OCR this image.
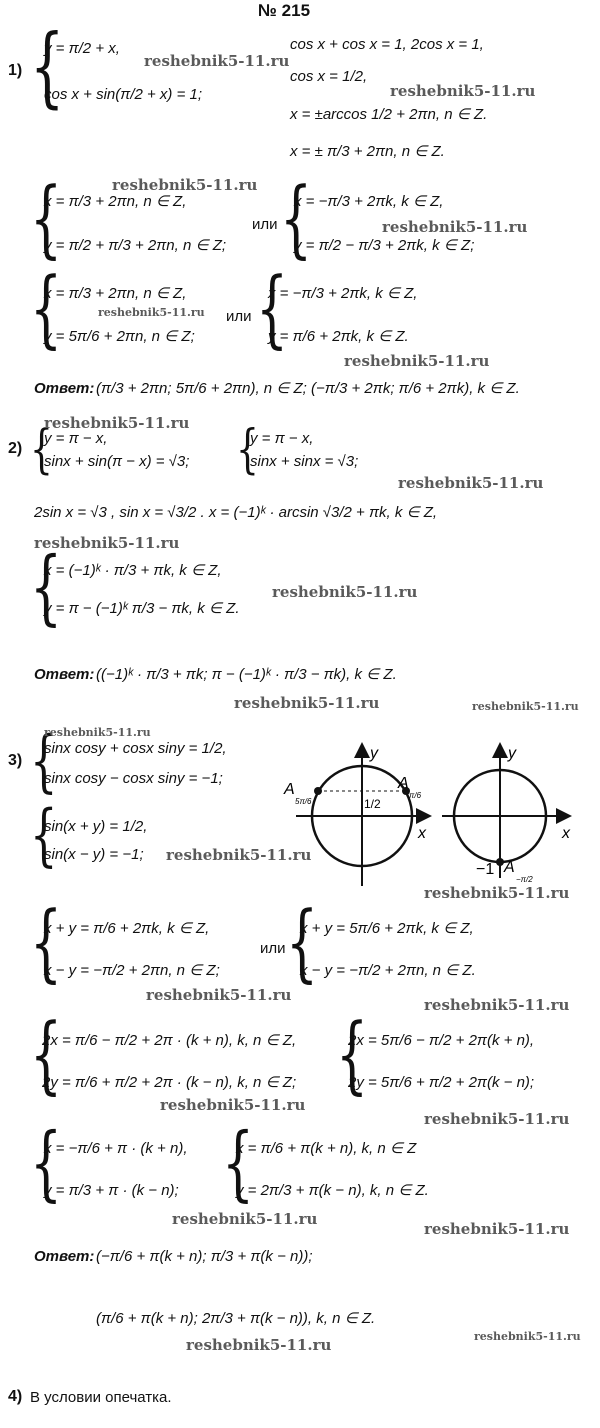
№ 215
1) {
y = π/2 + x,
cos x + sin(π/2 + x) = 1;
cos x + cos x = 1, 2cos x = 1,
cos x = 1/2,
x = ±arccos 1/2 + 2πn, n ∈ Z.
x = ± π/3 + 2πn, n ∈ Z.
{
x = π/3 + 2πn, n ∈ Z,
y = π/2 + π/3 + 2πn, n ∈ Z;
или {
x = −π/3 + 2πk, k ∈ Z,
y = π/2 − π/3 + 2πk, k ∈ Z;
{
x = π/3 + 2πn, n ∈ Z,
y = 5π/6 + 2πn, n ∈ Z;
или {
x = −π/3 + 2πk, k ∈ Z,
y = π/6 + 2πk, k ∈ Z.
Ответ: (π/3 + 2πn; 5π/6 + 2πn), n ∈ Z; (−π/3 + 2πk; π/6 + 2πk), k ∈ Z.
2) {
y = π − x,
sinx + sin(π − x) = √3; {
y = π − x,
sinx + sinx = √3;
2sin x = √3 , sin x = √3/2 . x = (−1)ᵏ · arcsin √3/2 + πk, k ∈ Z,
{
x = (−1)ᵏ · π/3 + πk, k ∈ Z,
y = π − (−1)ᵏ π/3 − πk, k ∈ Z.
Ответ: ((−1)ᵏ · π/3 + πk; π − (−1)ᵏ · π/3 − πk), k ∈ Z.
3) {
sinx cosy + cosx siny = 1/2,
sinx cosy − cosx siny = −1;
{
sin(x + y) = 1/2,
sin(x − y) = −1;
y
x
1/2
A
5π/6
A
π/6
y
x
−1 A
−π/2
{
x + y = π/6 + 2πk, k ∈ Z,
x − y = −π/2 + 2πn, n ∈ Z;
или {
x + y = 5π/6 + 2πk, k ∈ Z,
x − y = −π/2 + 2πn, n ∈ Z.
{
2x = π/6 − π/2 + 2π · (k + n), k, n ∈ Z,
2y = π/6 + π/2 + 2π · (k − n), k, n ∈ Z; {
2x = 5π/6 − π/2 + 2π(k + n),
2y = 5π/6 + π/2 + 2π(k − n);
{
x = −π/6 + π · (k + n),
y = π/3 + π · (k − n); {
x = π/6 + π(k + n), k, n ∈ Z
y = 2π/3 + π(k − n), k, n ∈ Z.
Ответ: (−π/6 + π(k + n); π/3 + π(k − n));
(π/6 + π(k + n); 2π/3 + π(k − n)), k, n ∈ Z.
4) В условии опечатка.
reshebnik5-11.ru
reshebnik5-11.ru
reshebnik5-11.ru
reshebnik5-11.ru
reshebnik5-11.ru
reshebnik5-11.ru
reshebnik5-11.ru
reshebnik5-11.ru
reshebnik5-11.ru
reshebnik5-11.ru
reshebnik5-11.ru	reshebnik5-11.ru
reshebnik5-11.ru
reshebnik5-11.ru
reshebnik5-11.ru
reshebnik5-11.ru
reshebnik5-11.ru
reshebnik5-11.ru
reshebnik5-11.ru
reshebnik5-11.ru
reshebnik5-11.ru
reshebnik5-11.ru	reshebnik5-11.ru
